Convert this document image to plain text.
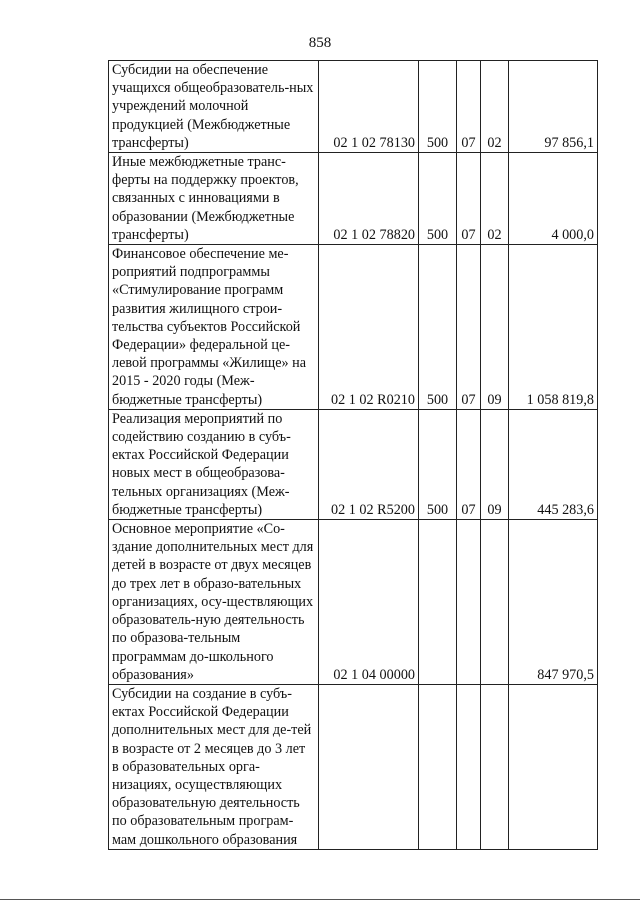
858
Субсидии на обеспечение учащихся общеобразователь-ных учреждений молочной продукцией (Межбюджетные трансферты)	02 1 02 78130	500	07	02	97 856,1
Иные межбюджетные транс-ферты на поддержку проектов, связанных с инновациями в образовании (Межбюджетные трансферты)	02 1 02 78820	500	07	02	4 000,0
Финансовое обеспечение ме-роприятий подпрограммы «Стимулирование программ развития жилищного строи-тельства субъектов Российской Федерации» федеральной це-левой программы «Жилище» на 2015 - 2020 годы (Меж-бюджетные трансферты)	02 1 02 R0210	500	07	09	1 058 819,8
Реализация мероприятий по содействию созданию в субъ-ектах Российской Федерации новых мест в общеобразова-тельных организациях (Меж-бюджетные трансферты)	02 1 02 R5200	500	07	09	445 283,6
Основное мероприятие «Со-здание дополнительных мест для детей в возрасте от двух месяцев до трех лет в образо-вательных организациях, осу-ществляющих образователь-ную деятельность по образова-тельным программам до-школьного образования»	02 1 04 00000				847 970,5
Субсидии на создание в субъ-ектах Российской Федерации дополнительных мест для де-тей в возрасте от 2 месяцев до 3 лет в образовательных орга-низациях, осуществляющих образовательную деятельность по образовательным програм-мам дошкольного образования					
